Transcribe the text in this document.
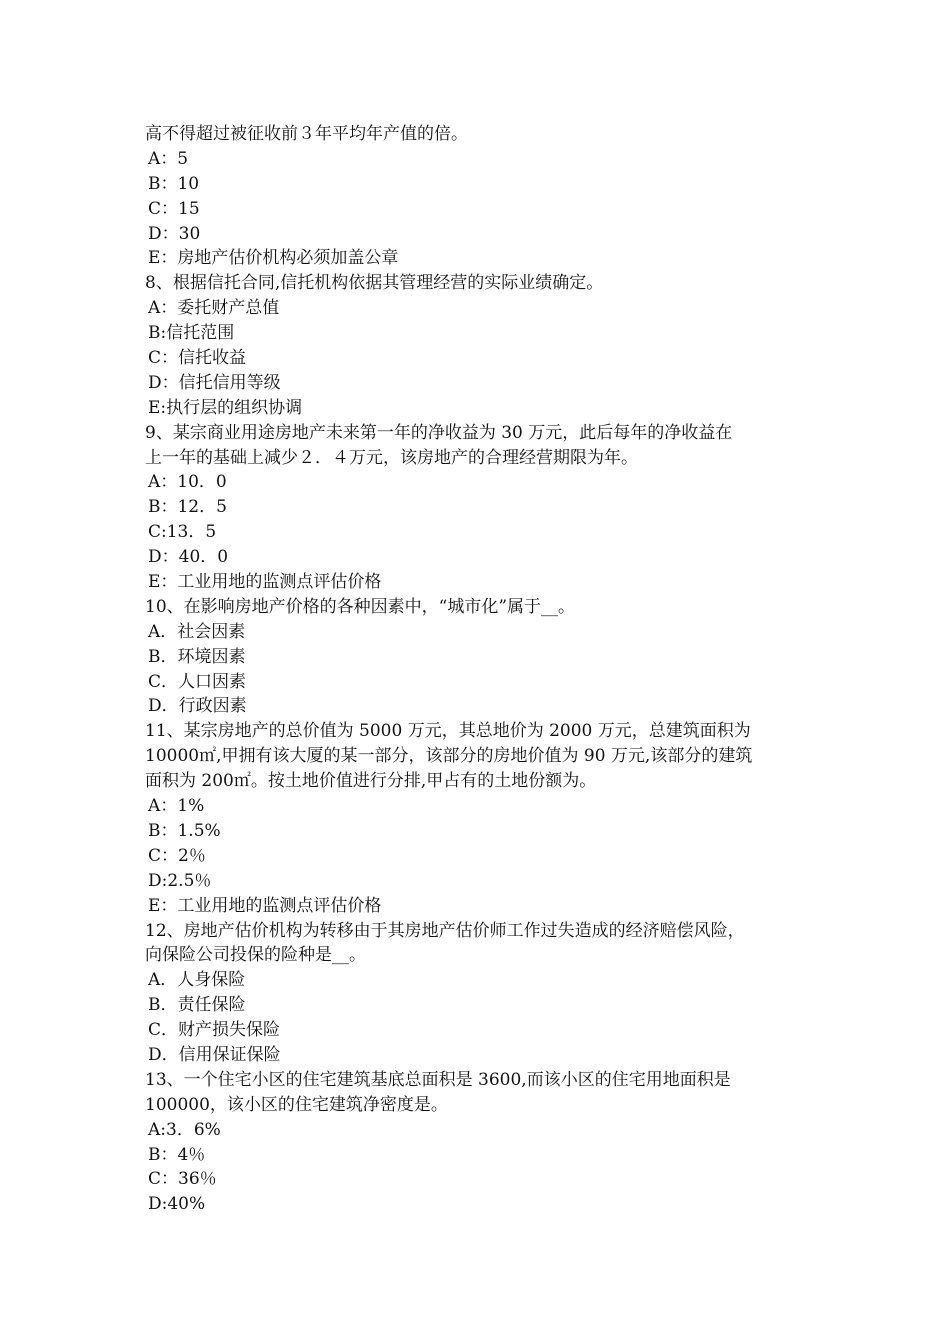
高不得超过被征收前３年平均年产值的倍。
A：5
B：10
C：15
D：30
E：房地产估价机构必须加盖公章
8、根据信托合同,信托机构依据其管理经营的实际业绩确定。
A：委托财产总值
B:信托范围
C：信托收益
D：信托信用等级
E:执行层的组织协调
9、某宗商业用途房地产未来第一年的净收益为 30 万元，此后每年的净收益在
上一年的基础上减少２．４万元，该房地产的合理经营期限为年。
A：10．0
B：12．5
C:13．5
D：40．0
E：工业用地的监测点评估价格
10、在影响房地产价格的各种因素中，“城市化”属于__。
A．社会因素
B．环境因素
C．人口因素
D．行政因素
11、某宗房地产的总价值为 5000 万元，其总地价为 2000 万元，总建筑面积为
10000㎡,甲拥有该大厦的某一部分，该部分的房地价值为 90 万元,该部分的建筑
面积为 200㎡。按土地价值进行分排,甲占有的土地份额为。
A：1%
B：1.5%
C：2％
D:2.5％
E：工业用地的监测点评估价格
12、房地产估价机构为转移由于其房地产估价师工作过失造成的经济赔偿风险，
向保险公司投保的险种是__。
A．人身保险
B．责任保险
C．财产损失保险
D．信用保证保险
13、一个住宅小区的住宅建筑基底总面积是 3600,而该小区的住宅用地面积是
100000，该小区的住宅建筑净密度是。
A:3．6%
B：4％
C：36％
D:40%
